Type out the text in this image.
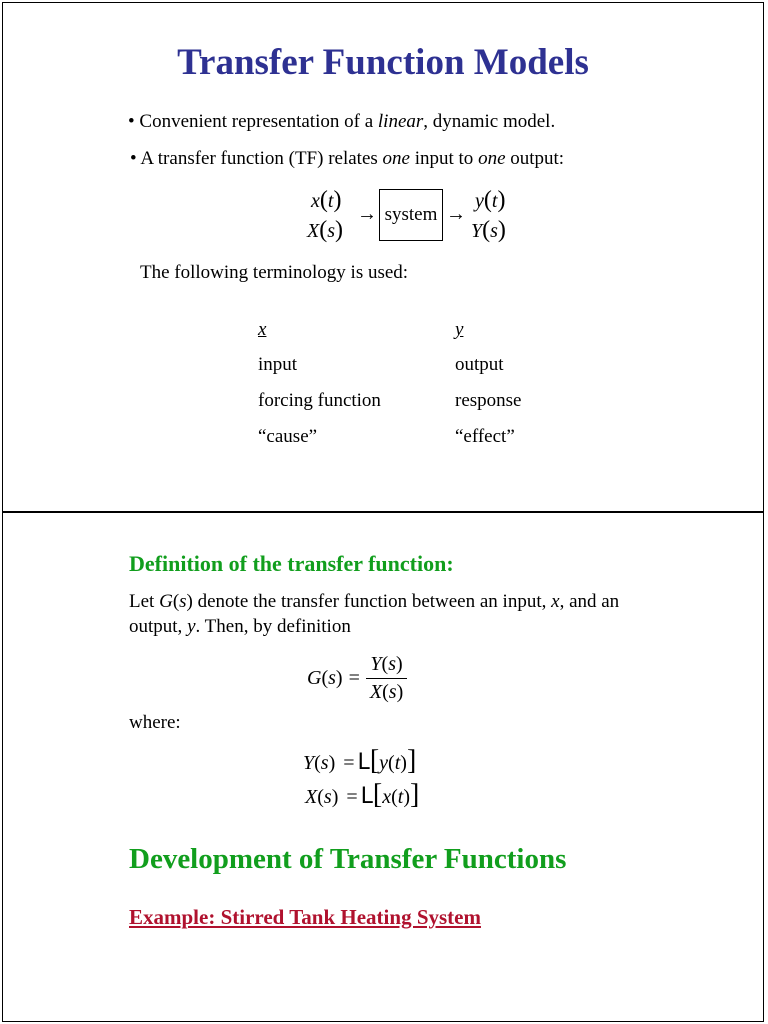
Transfer Function Models
• Convenient representation of a linear, dynamic model.
• A transfer function (TF) relates one input to one output:
x(t)
X(s)
→ system →
y(t)
Y(s)
The following terminology is used:
x	y
input	output
forcing function	response
“cause”	“effect”
Definition of the transfer function:
Let G(s) denote the transfer function between an input, x, and an
output, y. Then, by definition
G ( s ) = $\frac{Y(s)}{X(s)}$
where:
Y(s) = L[y(t)]
X(s) = L[x(t)]
Development of Transfer Functions
Example: Stirred Tank Heating System
